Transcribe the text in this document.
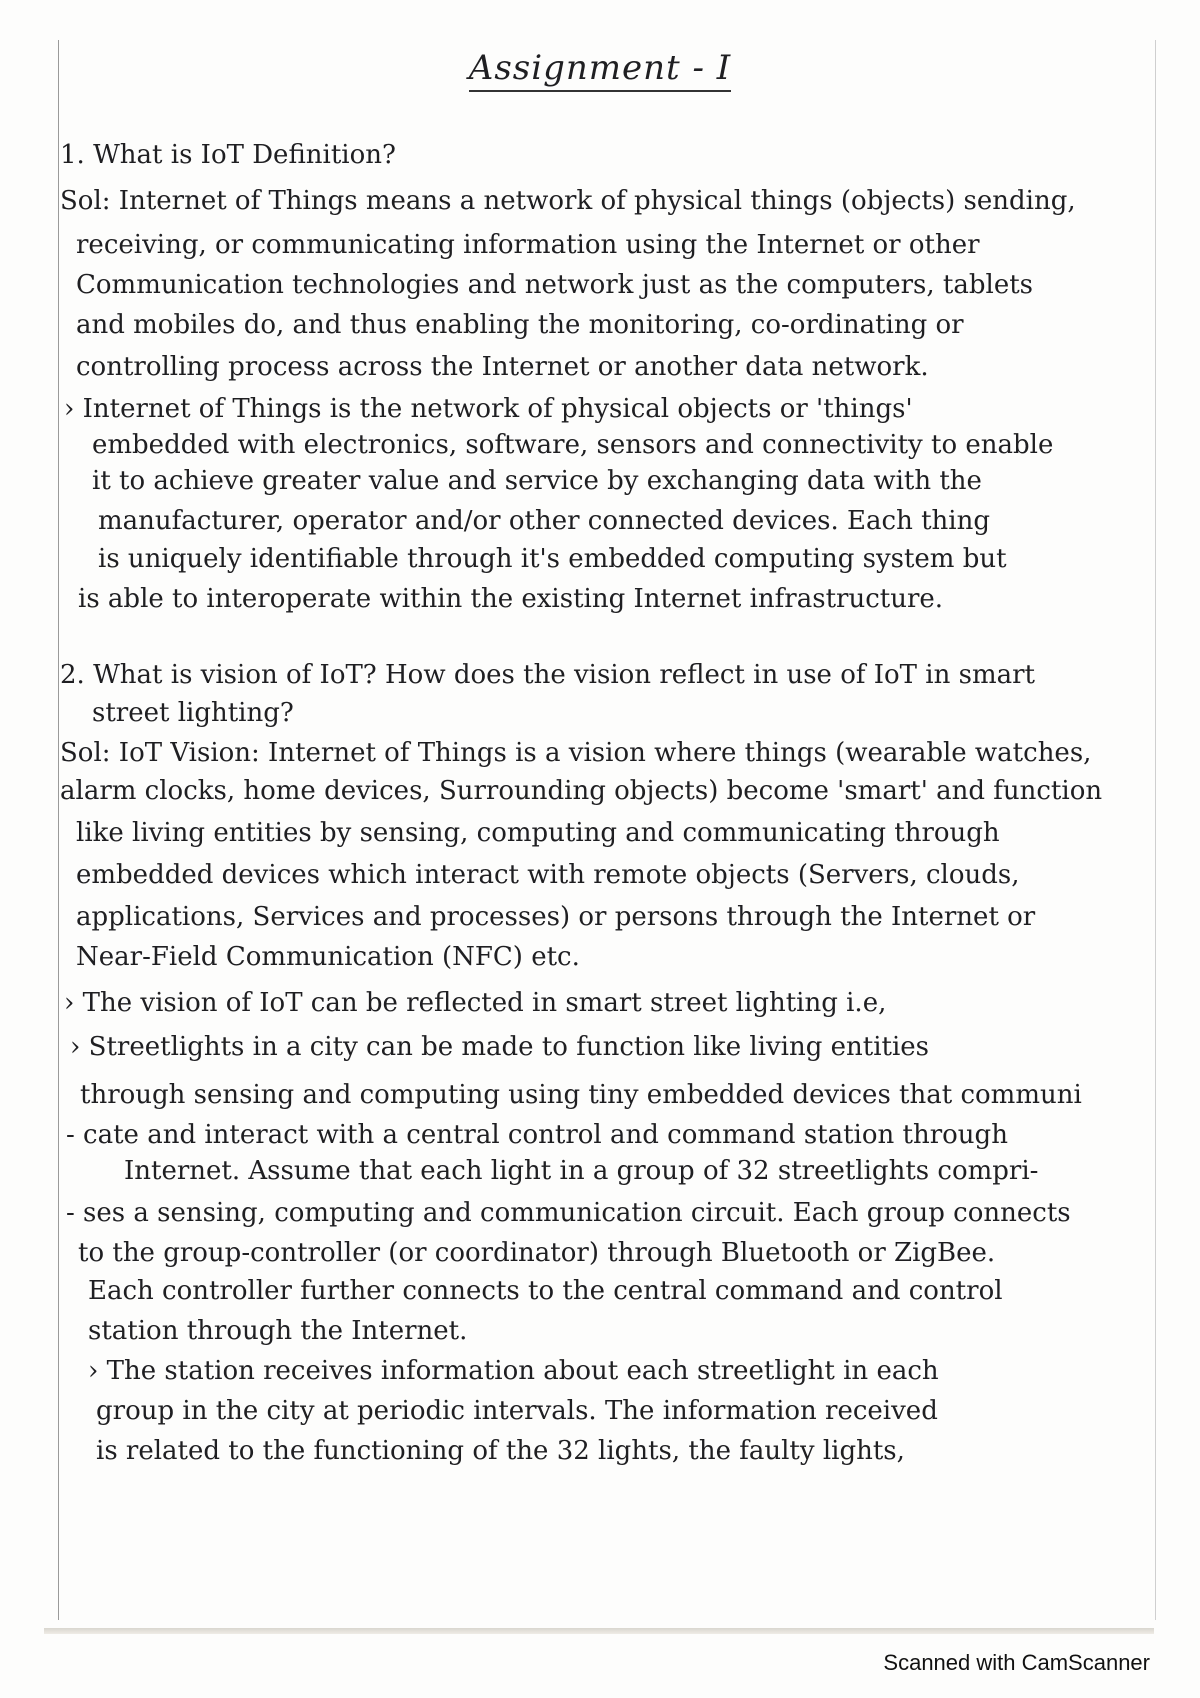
Assignment - I
1. What is IoT Definition?
Sol: Internet of Things means a network of physical things (objects) sending,
receiving, or communicating information using the Internet or other
Communication technologies and network just as the computers, tablets
and mobiles do, and thus enabling the monitoring, co-ordinating or
controlling process across the Internet or another data network.
› Internet of Things is the network of physical objects or 'things'
embedded with electronics, software, sensors and connectivity to enable
it to achieve greater value and service by exchanging data with the
manufacturer, operator and/or other connected devices. Each thing
is uniquely identifiable through it's embedded computing system but
is able to interoperate within the existing Internet infrastructure.
2. What is vision of IoT? How does the vision reflect in use of IoT in smart
street lighting?
Sol: IoT Vision: Internet of Things is a vision where things (wearable watches,
alarm clocks, home devices, Surrounding objects) become 'smart' and function
like living entities by sensing, computing and communicating through
embedded devices which interact with remote objects (Servers, clouds,
applications, Services and processes) or persons through the Internet or
Near-Field Communication (NFC) etc.
› The vision of IoT can be reflected in smart street lighting i.e,
› Streetlights in a city can be made to function like living entities
through sensing and computing using tiny embedded devices that communi
- cate and interact with a central control and command station through
Internet. Assume that each light in a group of 32 streetlights compri-
- ses a sensing, computing and communication circuit. Each group connects
to the group-controller (or coordinator) through Bluetooth or ZigBee.
Each controller further connects to the central command and control
station through the Internet.
› The station receives information about each streetlight in each
group in the city at periodic intervals. The information received
is related to the functioning of the 32 lights, the faulty lights,
Scanned with CamScanner
